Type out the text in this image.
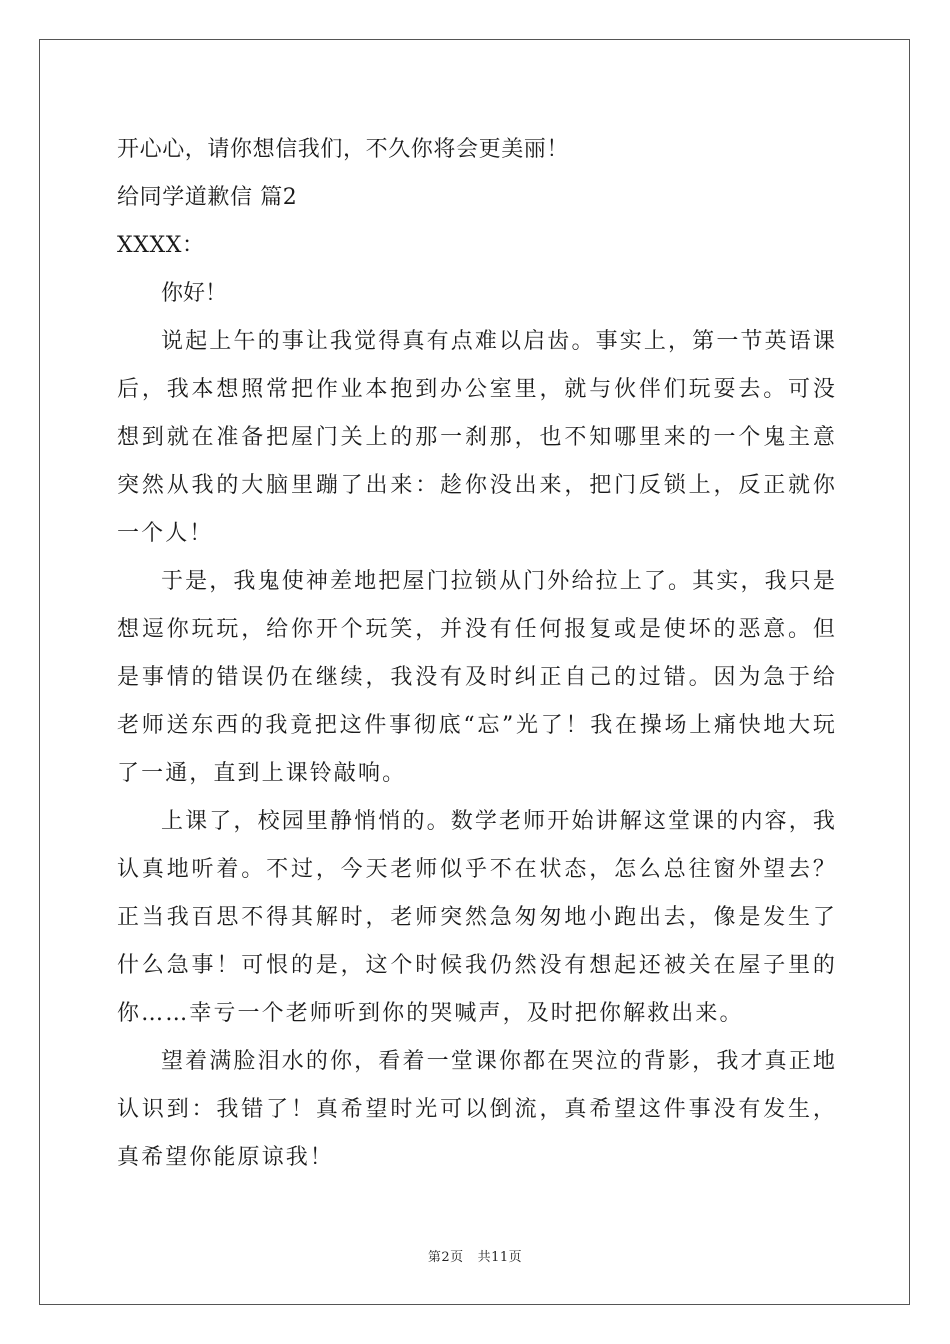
开心心，请你想信我们，不久你将会更美丽！
给同学道歉信 篇2
XXXX：

你好！

说起上午的事让我觉得真有点难以启齿。事实上，第一节英语课后，我本想照常把作业本抱到办公室里，就与伙伴们玩耍去。可没想到就在准备把屋门关上的那一刹那，也不知哪里来的一个鬼主意突然从我的大脑里蹦了出来：趁你没出来，把门反锁上，反正就你一个人！

于是，我鬼使神差地把屋门拉锁从门外给拉上了。其实，我只是想逗你玩玩，给你开个玩笑，并没有任何报复或是使坏的恶意。但是事情的错误仍在继续，我没有及时纠正自己的过错。因为急于给老师送东西的我竟把这件事彻底“忘”光了！我在操场上痛快地大玩了一通，直到上课铃敲响。

上课了，校园里静悄悄的。数学老师开始讲解这堂课的内容，我认真地听着。不过，今天老师似乎不在状态，怎么总往窗外望去？正当我百思不得其解时，老师突然急匆匆地小跑出去，像是发生了什么急事！可恨的是，这个时候我仍然没有想起还被关在屋子里的你……幸亏一个老师听到你的哭喊声，及时把你解救出来。

望着满脸泪水的你，看着一堂课你都在哭泣的背影，我才真正地认识到：我错了！真希望时光可以倒流，真希望这件事没有发生，真希望你能原谅我！

第2页 共11页
